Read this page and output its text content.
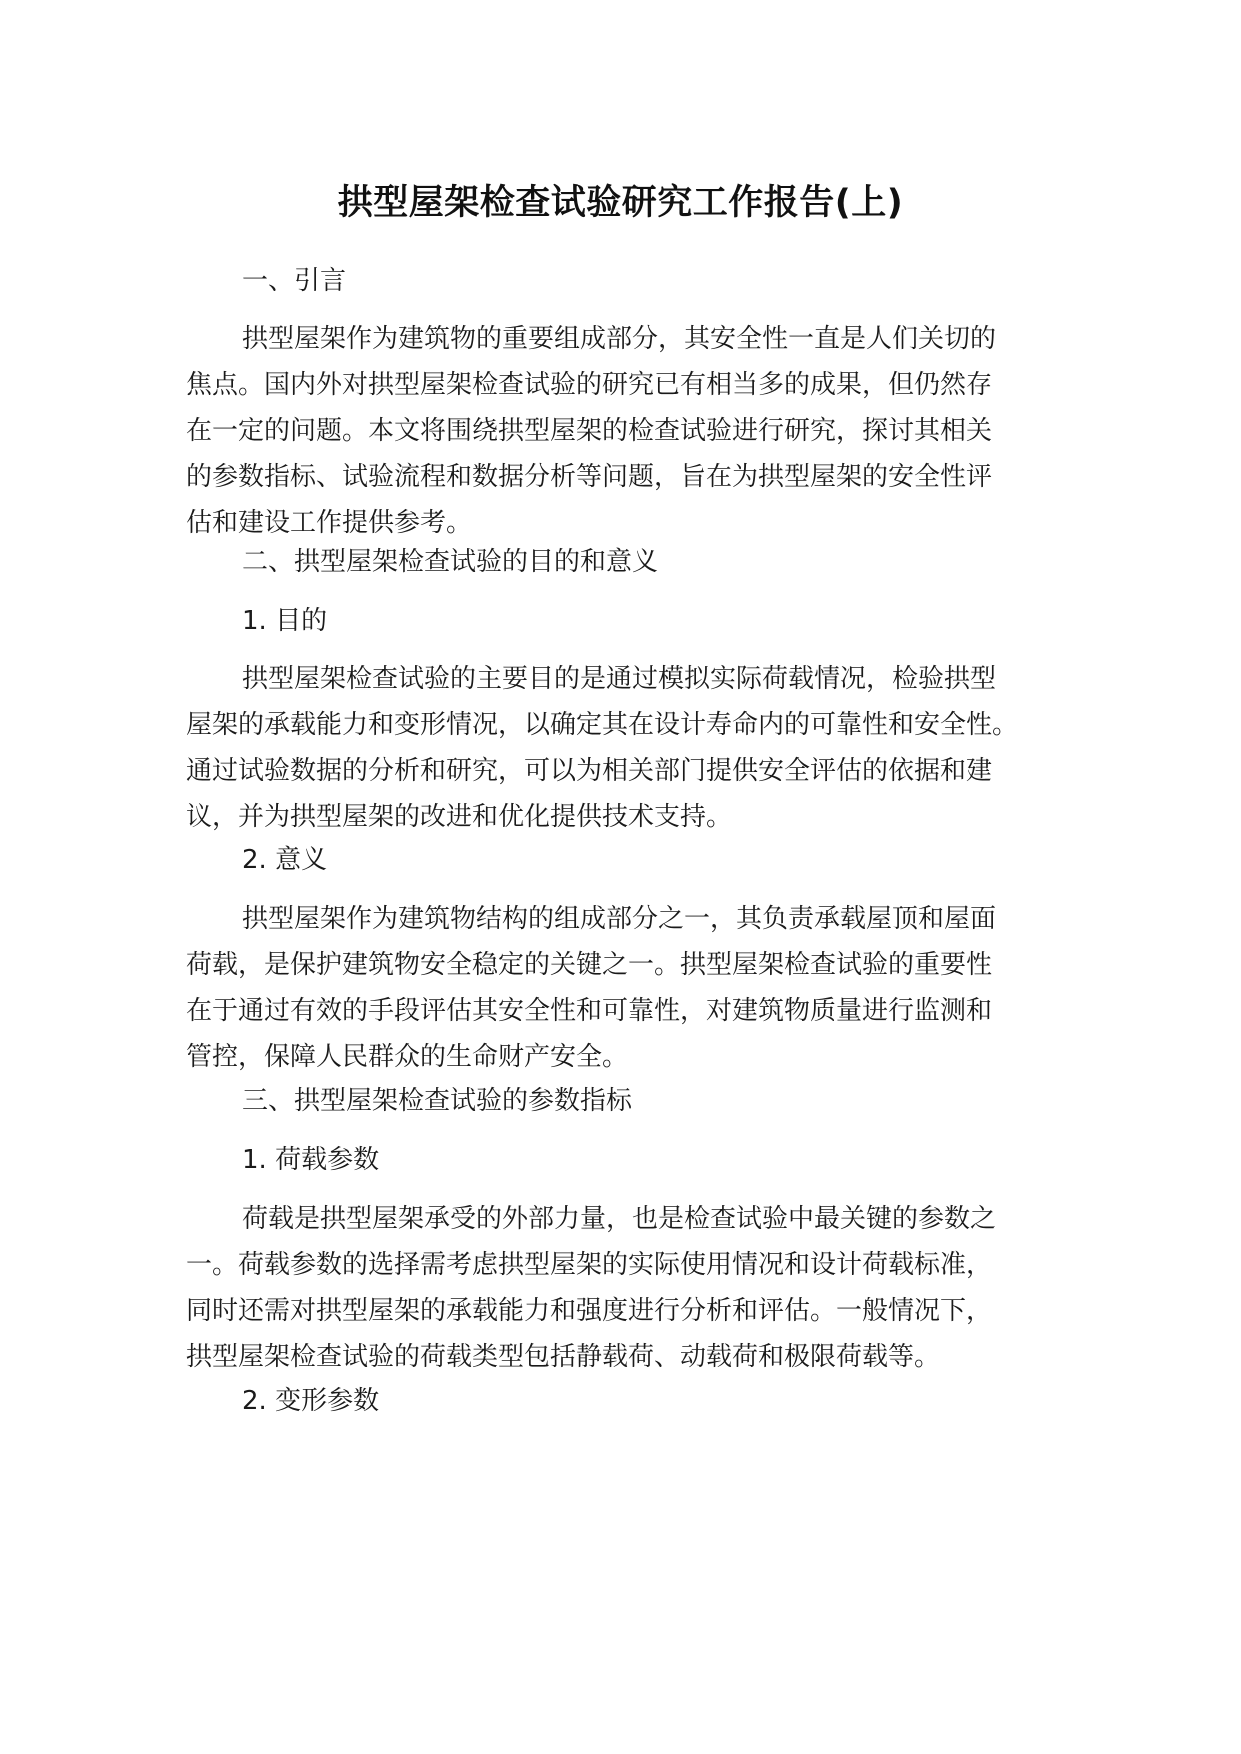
拱型屋架检查试验研究工作报告(上)
一、引言
拱型屋架作为建筑物的重要组成部分，其安全性一直是人们关切的
焦点。国内外对拱型屋架检查试验的研究已有相当多的成果，但仍然存
在一定的问题。本文将围绕拱型屋架的检查试验进行研究，探讨其相关
的参数指标、试验流程和数据分析等问题，旨在为拱型屋架的安全性评
估和建设工作提供参考。
二、拱型屋架检查试验的目的和意义
1. 目的
拱型屋架检查试验的主要目的是通过模拟实际荷载情况，检验拱型
屋架的承载能力和变形情况，以确定其在设计寿命内的可靠性和安全性。
通过试验数据的分析和研究，可以为相关部门提供安全评估的依据和建
议，并为拱型屋架的改进和优化提供技术支持。
2. 意义
拱型屋架作为建筑物结构的组成部分之一，其负责承载屋顶和屋面
荷载，是保护建筑物安全稳定的关键之一。拱型屋架检查试验的重要性
在于通过有效的手段评估其安全性和可靠性，对建筑物质量进行监测和
管控，保障人民群众的生命财产安全。
三、拱型屋架检查试验的参数指标
1. 荷载参数
荷载是拱型屋架承受的外部力量，也是检查试验中最关键的参数之
一。荷载参数的选择需考虑拱型屋架的实际使用情况和设计荷载标准，
同时还需对拱型屋架的承载能力和强度进行分析和评估。一般情况下，
拱型屋架检查试验的荷载类型包括静载荷、动载荷和极限荷载等。
2. 变形参数
